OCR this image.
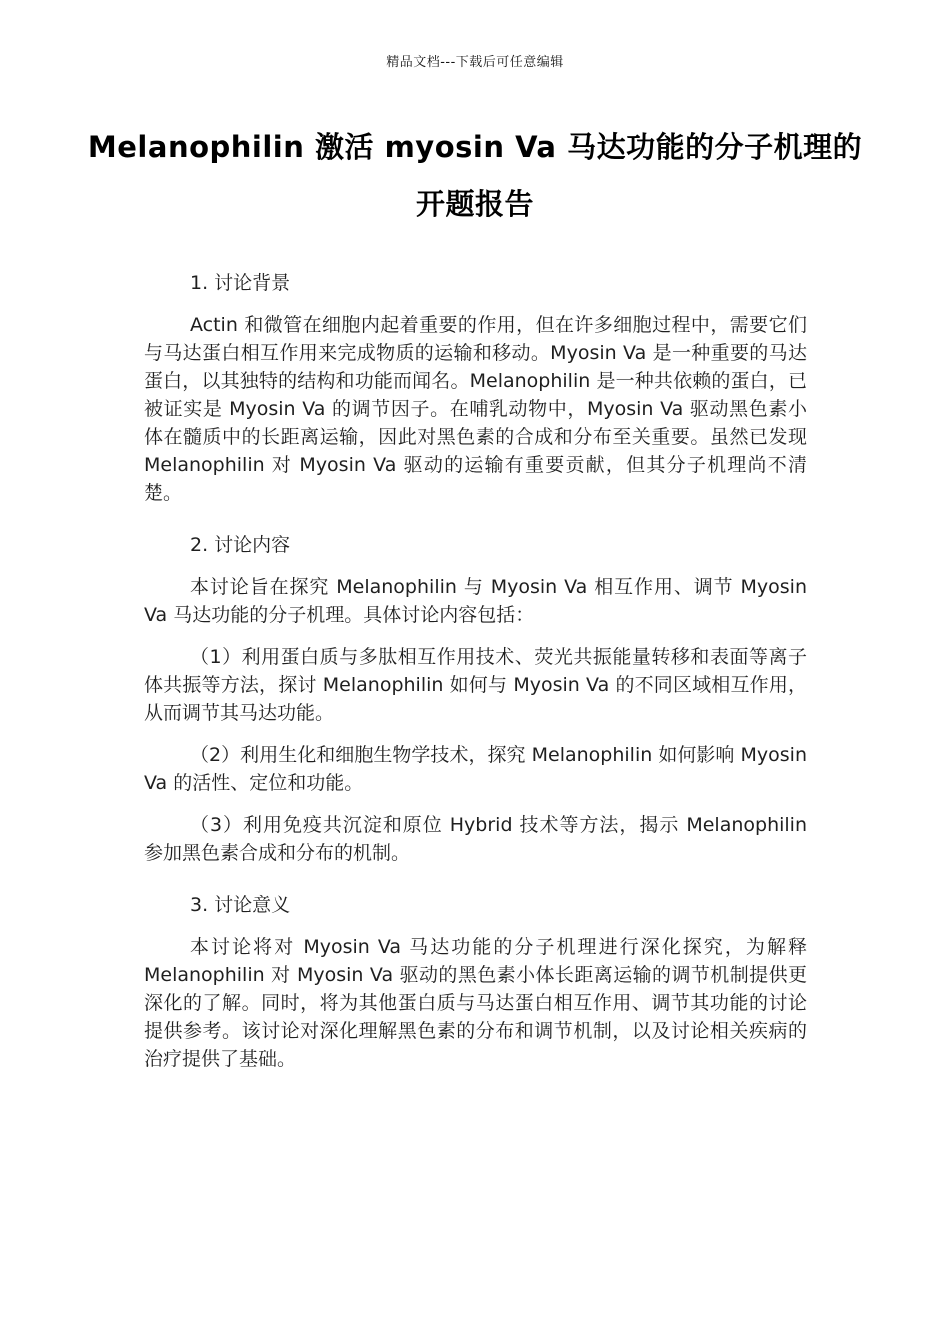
精品文档---下载后可任意编辑
Melanophilin 激活 myosin Va 马达功能的分子机理的
开题报告
1. 讨论背景

Actin 和微管在细胞内起着重要的作用，但在许多细胞过程中，需要它们与马达蛋白相互作用来完成物质的运输和移动。Myosin Va 是一种重要的马达蛋白，以其独特的结构和功能而闻名。Melanophilin 是一种共依赖的蛋白，已被证实是 Myosin Va 的调节因子。在哺乳动物中，Myosin Va 驱动黑色素小体在髓质中的长距离运输，因此对黑色素的合成和分布至关重要。虽然已发现 Melanophilin 对 Myosin Va 驱动的运输有重要贡献，但其分子机理尚不清楚。

2. 讨论内容

本讨论旨在探究 Melanophilin 与 Myosin Va 相互作用、调节 Myosin Va 马达功能的分子机理。具体讨论内容包括：

（1）利用蛋白质与多肽相互作用技术、荧光共振能量转移和表面等离子体共振等方法，探讨 Melanophilin 如何与 Myosin Va 的不同区域相互作用，从而调节其马达功能。

（2）利用生化和细胞生物学技术，探究 Melanophilin 如何影响 Myosin Va 的活性、定位和功能。

（3）利用免疫共沉淀和原位 Hybrid 技术等方法，揭示 Melanophilin 参加黑色素合成和分布的机制。

3. 讨论意义

本讨论将对 Myosin Va 马达功能的分子机理进行深化探究，为解释 Melanophilin 对 Myosin Va 驱动的黑色素小体长距离运输的调节机制提供更深化的了解。同时，将为其他蛋白质与马达蛋白相互作用、调节其功能的讨论提供参考。该讨论对深化理解黑色素的分布和调节机制，以及讨论相关疾病的治疗提供了基础。
